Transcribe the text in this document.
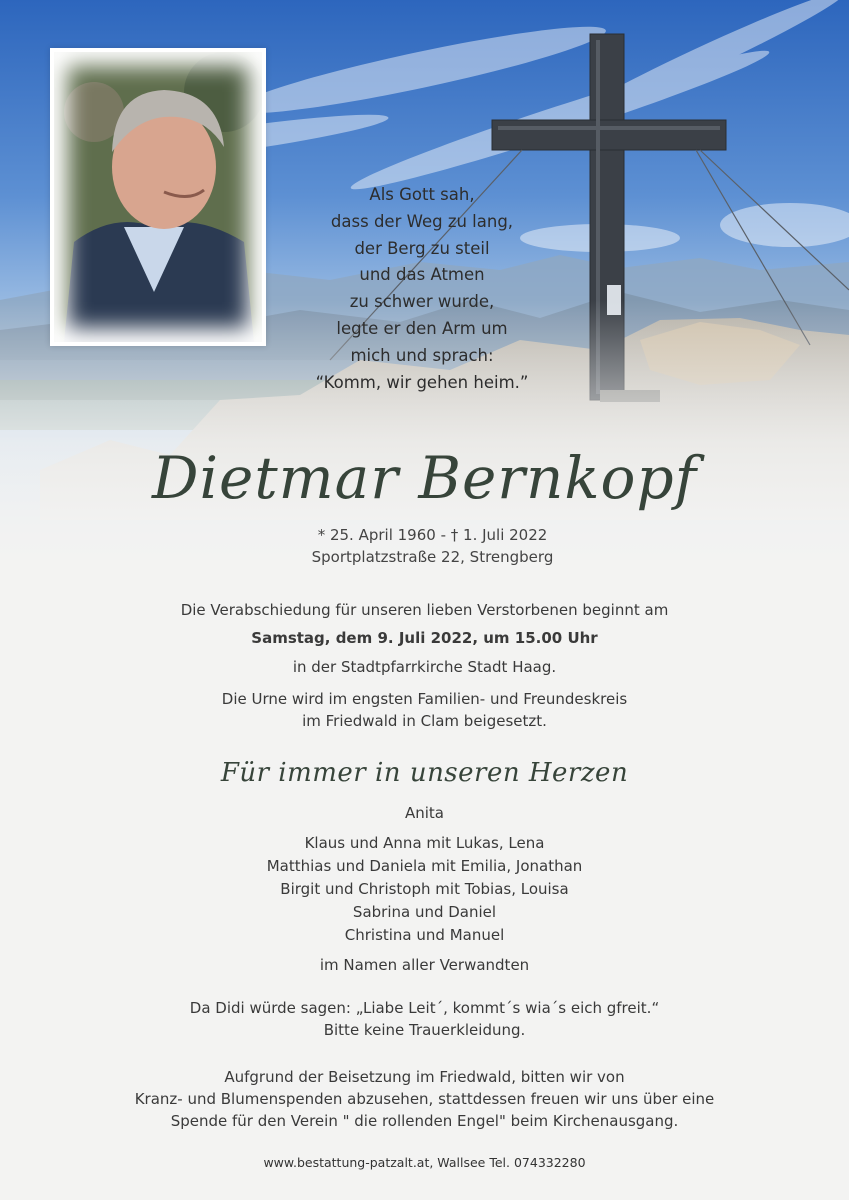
Als Gott sah,
dass der Weg zu lang,
der Berg zu steil
und das Atmen
zu schwer wurde,
legte er den Arm um
mich und sprach:
“Komm, wir gehen heim.”
Dietmar Bernkopf
* 25. April 1960 - † 1. Juli 2022
Sportplatzstraße 22, Strengberg
Die Verabschiedung für unseren lieben Verstorbenen beginnt am
Samstag, dem 9. Juli 2022, um 15.00 Uhr
in der Stadtpfarrkirche Stadt Haag.
Die Urne wird im engsten Familien- und Freundeskreis
im Friedwald in Clam beigesetzt.
Für immer in unseren Herzen
Anita
Klaus und Anna mit Lukas, Lena
Matthias und Daniela mit Emilia, Jonathan
Birgit und Christoph mit Tobias, Louisa
Sabrina und Daniel
Christina und Manuel
im Namen aller Verwandten
Da Didi würde sagen: „Liabe Leit´, kommt´s wia´s eich gfreit.“
Bitte keine Trauerkleidung.
Aufgrund der Beisetzung im Friedwald, bitten wir von
Kranz- und Blumenspenden abzusehen, stattdessen freuen wir uns über eine
Spende für den Verein " die rollenden Engel" beim Kirchenausgang.
www.bestattung-patzalt.at, Wallsee Tel. 074332280
